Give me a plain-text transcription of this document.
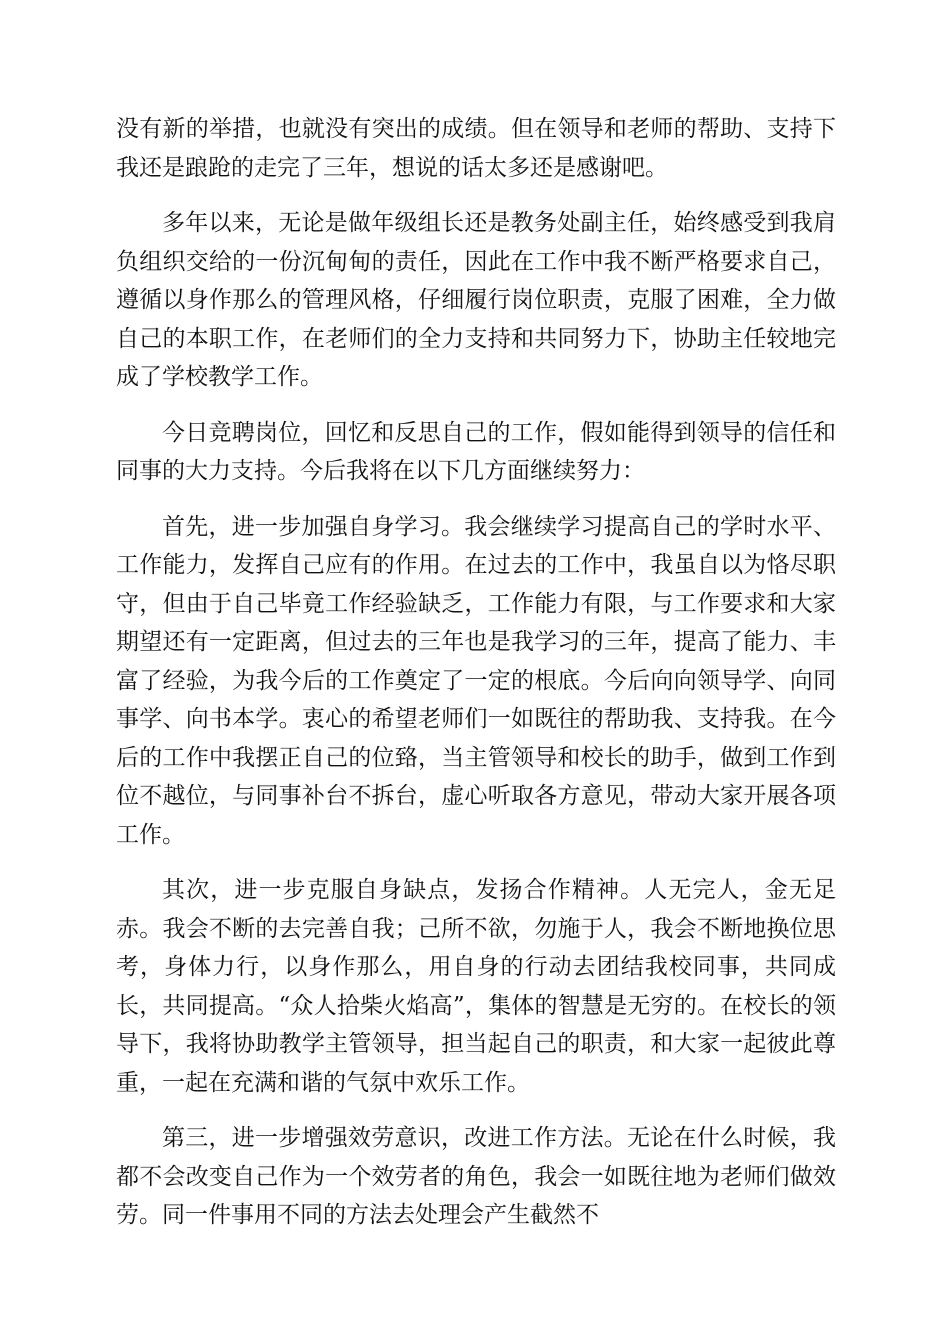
没有新的举措，也就没有突出的成绩。但在领导和老师的帮助、支持下我还是踉跄的走完了三年，想说的话太多还是感谢吧。

多年以来，无论是做年级组长还是教务处副主任，始终感受到我肩负组织交给的一份沉甸甸的责任，因此在工作中我不断严格要求自己，遵循以身作那么的管理风格，仔细履行岗位职责，克服了困难，全力做自己的本职工作，在老师们的全力支持和共同努力下，协助主任较地完成了学校教学工作。

今日竞聘岗位，回忆和反思自己的工作，假如能得到领导的信任和同事的大力支持。今后我将在以下几方面继续努力：

首先，进一步加强自身学习。我会继续学习提高自己的学时水平、工作能力，发挥自己应有的作用。在过去的工作中，我虽自以为恪尽职守，但由于自己毕竟工作经验缺乏，工作能力有限，与工作要求和大家期望还有一定距离，但过去的三年也是我学习的三年，提高了能力、丰富了经验，为我今后的工作奠定了一定的根底。今后向向领导学、向同事学、向书本学。衷心的希望老师们一如既往的帮助我、支持我。在今后的工作中我摆正自己的位臵，当主管领导和校长的助手，做到工作到位不越位，与同事补台不拆台，虚心听取各方意见，带动大家开展各项工作。

其次，进一步克服自身缺点，发扬合作精神。人无完人，金无足赤。我会不断的去完善自我；己所不欲，勿施于人，我会不断地换位思考，身体力行，以身作那么，用自身的行动去团结我校同事，共同成长，共同提高。“众人拾柴火焰高”，集体的智慧是无穷的。在校长的领导下，我将协助教学主管领导，担当起自己的职责，和大家一起彼此尊重，一起在充满和谐的气氛中欢乐工作。

第三，进一步增强效劳意识，改进工作方法。无论在什么时候，我都不会改变自己作为一个效劳者的角色，我会一如既往地为老师们做效劳。同一件事用不同的方法去处理会产生截然不
